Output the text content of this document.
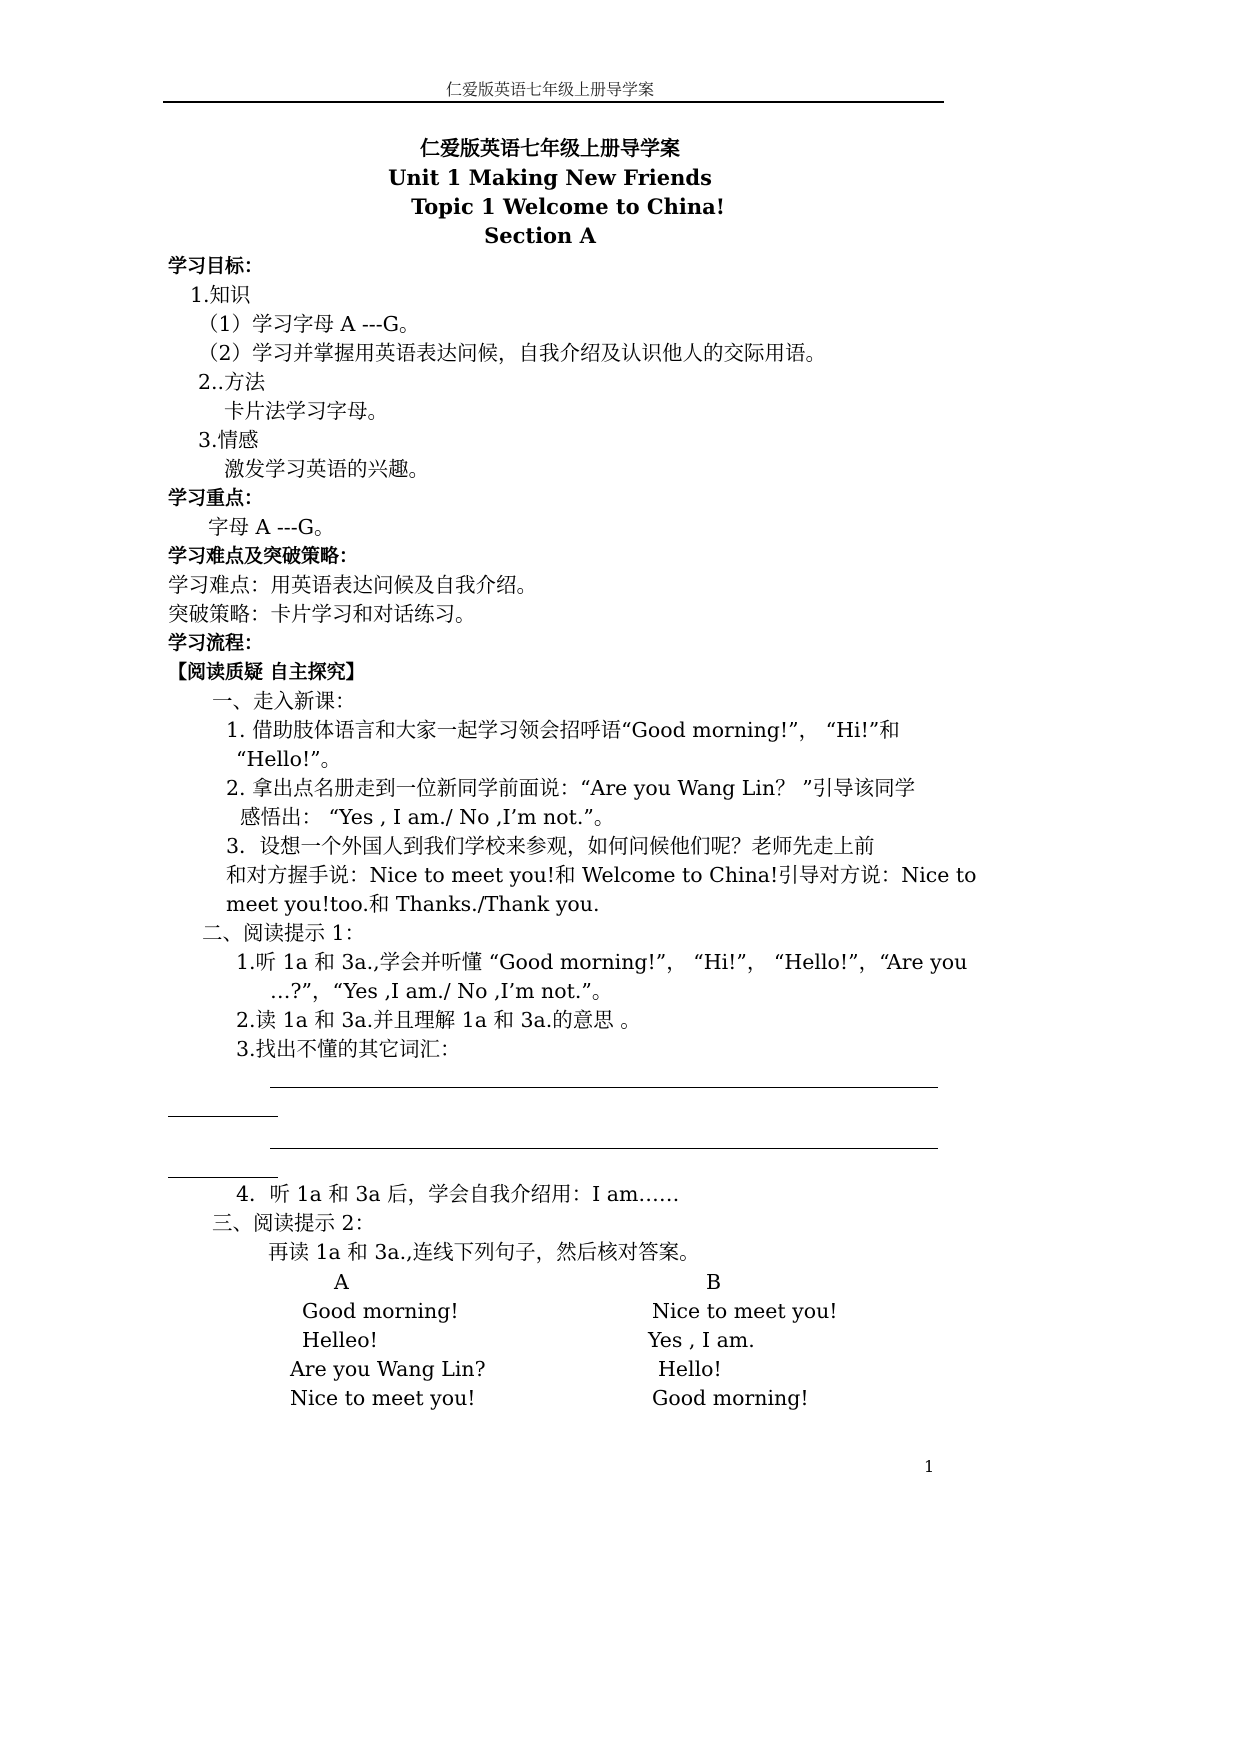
仁爱版英语七年级上册导学案
仁爱版英语七年级上册导学案
Unit 1 Making New Friends
Topic 1 Welcome to China!
Section A
学习目标：
1.知识
（1）学习字母 A ---G。
（2）学习并掌握用英语表达问候，自我介绍及认识他人的交际用语。
2..方法
卡片法学习字母。
3.情感
激发学习英语的兴趣。
学习重点：
字母 A ---G。
学习难点及突破策略：
学习难点：用英语表达问候及自我介绍。
突破策略：卡片学习和对话练习。
学习流程：
【阅读质疑 自主探究】
一、走入新课：
1. 借助肢体语言和大家一起学习领会招呼语“Good morning!”， “Hi!”和
“Hello!”。
2. 拿出点名册走到一位新同学前面说：“Are you Wang Lin？ ”引导该同学
感悟出： “Yes , I am./ No ,I’m not.”。
3．设想一个外国人到我们学校来参观，如何问候他们呢？老师先走上前
和对方握手说：Nice to meet you!和 Welcome to China!引导对方说：Nice to
meet you!too.和 Thanks./Thank you.
二、阅读提示 1：
1.听 1a 和 3a.,学会并听懂 “Good morning!”， “Hi!”， “Hello!”，“Are you
…?”，“Yes ,I am./ No ,I’m not.”。
2.读 1a 和 3a.并且理解 1a 和 3a.的意思 。
3.找出不懂的其它词汇：
4．听 1a 和 3a 后，学会自我介绍用：I am……
三、阅读提示 2：
再读 1a 和 3a.,连线下列句子，然后核对答案。
A	B
Good morning!
Helleo!
Are you Wang Lin?
Nice to meet you!
Nice to meet you!
Yes , I am.
Hello!
Good morning!
1
